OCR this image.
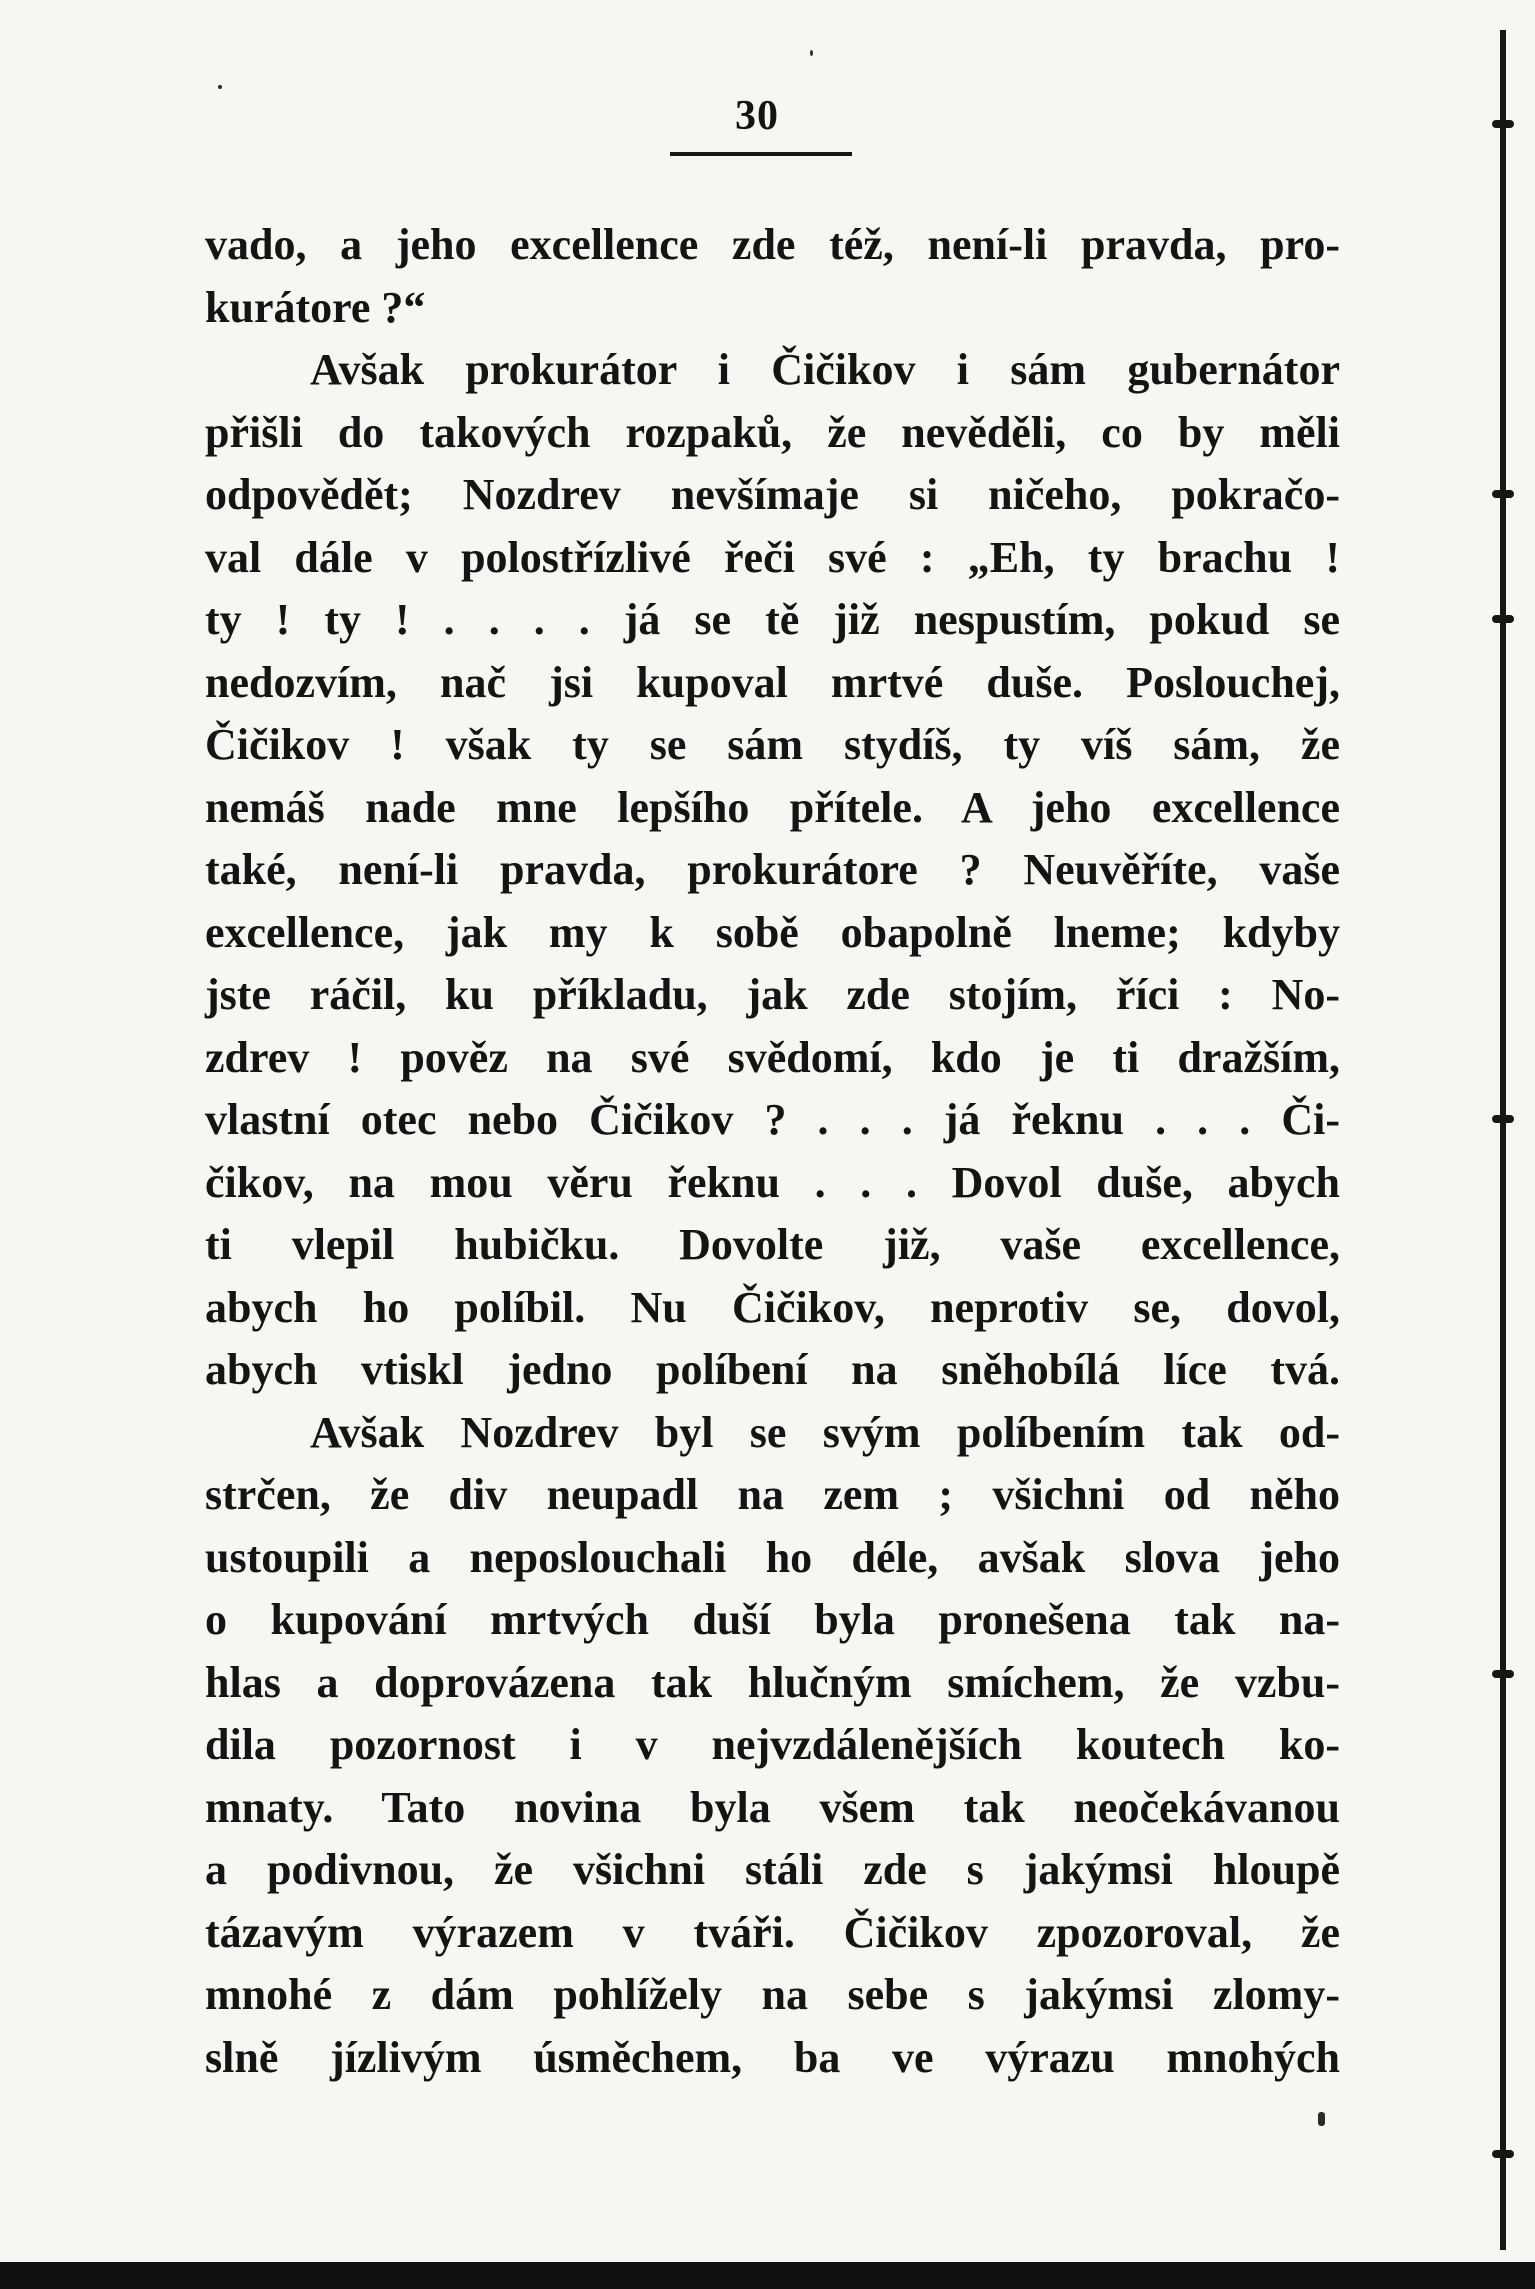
30
vado, a jeho excellence zde též, není-li pravda, pro-
kurátore ?“
Avšak prokurátor i Čičikov i sám gubernátor
přišli do takových rozpaků, že nevěděli, co by měli
odpovědět; Nozdrev nevšímaje si ničeho, pokračo-
val dále v polostřízlivé řeči své : „Eh, ty brachu !
ty ! ty ! . . . . já se tě již nespustím, pokud se
nedozvím, nač jsi kupoval mrtvé duše. Poslouchej,
Čičikov ! však ty se sám stydíš, ty víš sám, že
nemáš nade mne lepšího přítele. A jeho excellence
také, není-li pravda, prokurátore ? Neuvěříte, vaše
excellence, jak my k sobě obapolně lneme; kdyby
jste ráčil, ku příkladu, jak zde stojím, říci : No-
zdrev ! pověz na své svědomí, kdo je ti dražším,
vlastní otec nebo Čičikov ? . . . já řeknu . . . Či-
čikov, na mou věru řeknu . . . Dovol duše, abych
ti vlepil hubičku. Dovolte již, vaše excellence,
abych ho políbil. Nu Čičikov, neprotiv se, dovol,
abych vtiskl jedno políbení na sněhobílá líce tvá.
Avšak Nozdrev byl se svým políbením tak od-
strčen, že div neupadl na zem ; všichni od něho
ustoupili a neposlouchali ho déle, avšak slova jeho
o kupování mrtvých duší byla pronešena tak na-
hlas a doprovázena tak hlučným smíchem, že vzbu-
dila pozornost i v nejvzdálenějších koutech ko-
mnaty. Tato novina byla všem tak neočekávanou
a podivnou, že všichni stáli zde s jakýmsi hloupě
tázavým výrazem v tváři. Čičikov zpozoroval, že
mnohé z dám pohlížely na sebe s jakýmsi zlomy-
slně jízlivým úsměchem, ba ve výrazu mnohých
